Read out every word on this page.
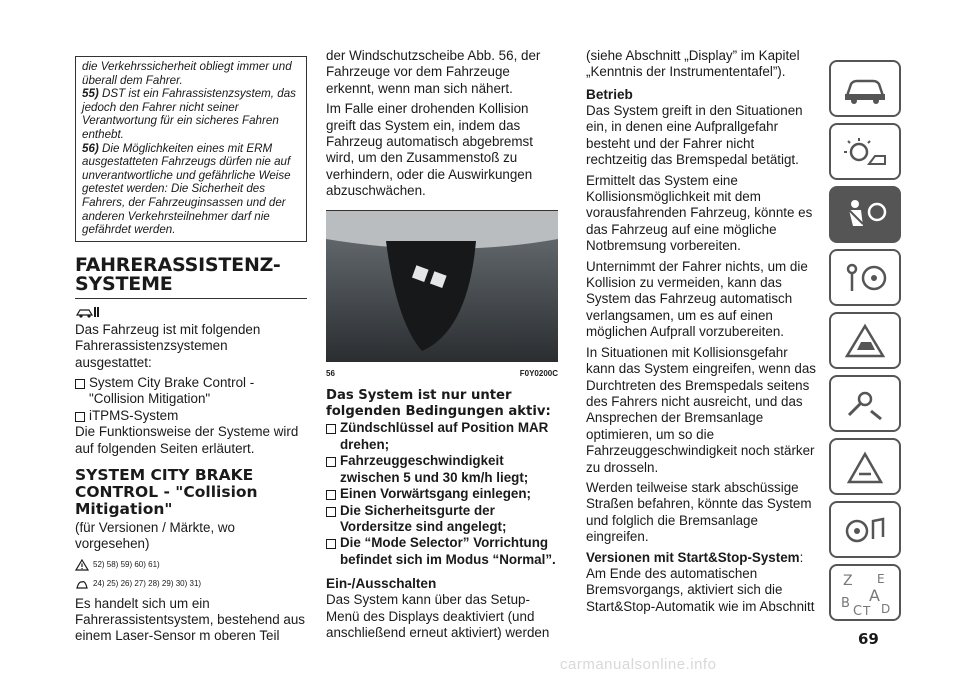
die Verkehrssicherheit obliegt immer und überall dem Fahrer.

55) DST ist ein Fahrassistenzsystem, das jedoch den Fahrer nicht seiner Verantwortung für ein sicheres Fahren enthebt.

56) Die Möglichkeiten eines mit ERM ausgestatteten Fahrzeugs dürfen nie auf unverantwortliche und gefährliche Weise getestet werden: Die Sicherheit des Fahrers, der Fahrzeuginsassen und der anderen Verkehrsteilnehmer darf nie gefährdet werden.

FAHRERASSISTENZ-SYSTEME

Das Fahrzeug ist mit folgenden Fahrerassistenzsystemen ausgestattet:

System City Brake Control - "Collision Mitigation"
iTPMS-System

Die Funktionsweise der Systeme wird auf folgenden Seiten erläutert.

SYSTEM CITY BRAKE CONTROL - "Collision Mitigation"

(für Versionen / Märkte, wo vorgesehen)

52) 58) 59) 60) 61)
24) 25) 26) 27) 28) 29) 30) 31)

Es handelt sich um ein Fahrerassistentsystem, bestehend aus einem Laser-Sensor m oberen Teil

der Windschutzscheibe Abb. 56, der Fahrzeuge vor dem Fahrzeuge erkennt, wenn man sich nähert.

Im Falle einer drohenden Kollision greift das System ein, indem das Fahrzeug automatisch abgebremst wird, um den Zusammenstoß zu verhindern, oder die Auswirkungen abzuschwächen.

56	F0Y0200C
Das System ist nur unter folgenden Bedingungen aktiv:
Zündschlüssel auf Position MAR drehen;
Fahrzeuggeschwindigkeit zwischen 5 und 30 km/h liegt;
Einen Vorwärtsgang einlegen;
Die Sicherheitsgurte der Vordersitze sind angelegt;
Die “Mode Selector” Vorrichtung befindet sich im Modus “Normal”.
Ein-/Ausschalten

Das System kann über das Setup-Menü des Displays deaktiviert (und anschließend erneut aktiviert) werden

(siehe Abschnitt „Display” im Kapitel „Kenntnis der Instrumententafel”).

Betrieb

Das System greift in den Situationen ein, in denen eine Aufprallgefahr besteht und der Fahrer nicht rechtzeitig das Bremspedal betätigt.

Ermittelt das System eine Kollisionsmöglichkeit mit dem vorausfahrenden Fahrzeug, könnte es das Fahrzeug auf eine mögliche Notbremsung vorbereiten.

Unternimmt der Fahrer nichts, um die Kollision zu vermeiden, kann das System das Fahrzeug automatisch verlangsamen, um es auf einen möglichen Aufprall vorzubereiten.

In Situationen mit Kollisionsgefahr kann das System eingreifen, wenn das Durchtreten des Bremspedals seitens des Fahrers nicht ausreicht, und das Ansprechen der Bremsanlage optimieren, um so die Fahrzeuggeschwindigkeit noch stärker zu drosseln.

Werden teilweise stark abschüssige Straßen befahren, könnte das System und folglich die Bremsanlage eingreifen.

Versionen mit Start&Stop-System:

Am Ende des automatischen Bremsvorgangs, aktiviert sich die Start&Stop-Automatik wie im Abschnitt

Z E
B A
C T D
69
carmanualsonline.info
